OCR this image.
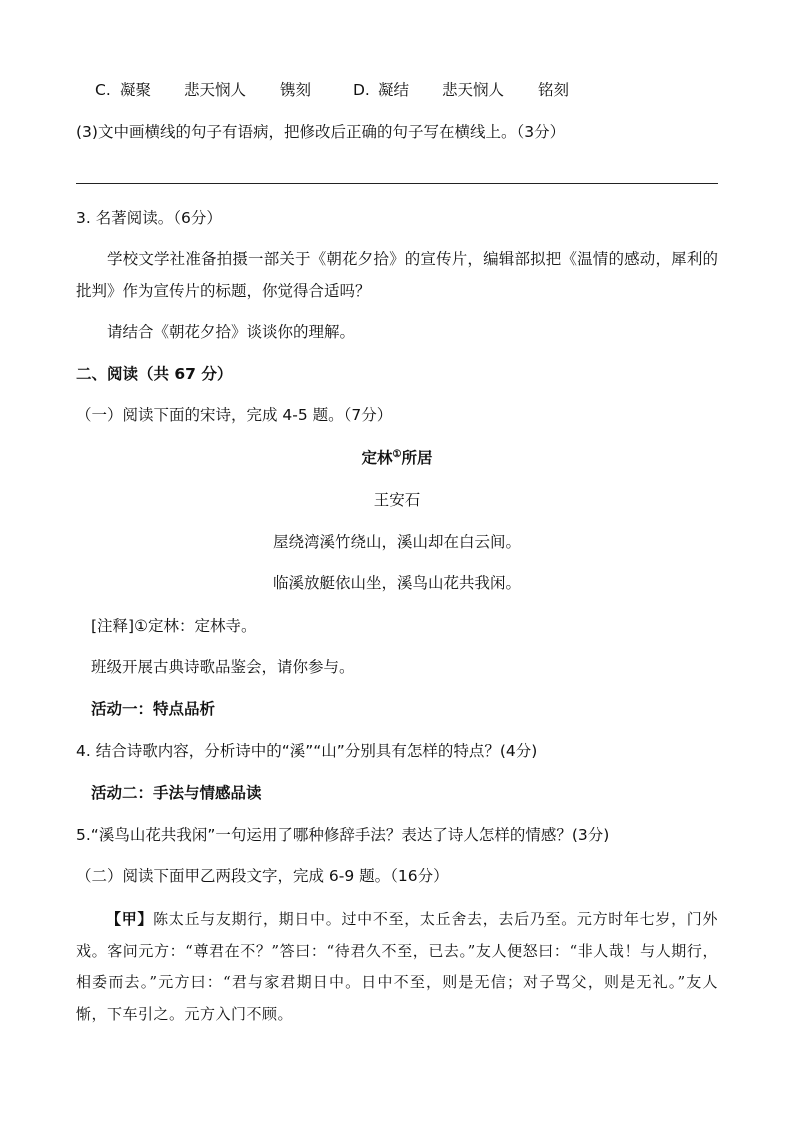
C. 凝聚 悲天悯人 镌刻	D. 凝结 悲天悯人 铭刻
(3)文中画横线的句子有语病，把修改后正确的句子写在横线上。（3分）
3. 名著阅读。（6分）
学校文学社准备拍摄一部关于《朝花夕拾》的宣传片，编辑部拟把《温情的感动，犀利的批判》作为宣传片的标题，你觉得合适吗？
请结合《朝花夕拾》谈谈你的理解。
二、阅读（共 67 分）
（一）阅读下面的宋诗，完成 4-5 题。（7分）
定林①所居
王安石
屋绕湾溪竹绕山，溪山却在白云间。
临溪放艇依山坐，溪鸟山花共我闲。
[注释]①定林：定林寺。
班级开展古典诗歌品鉴会，请你参与。
活动一：特点品析
4. 结合诗歌内容，分析诗中的“溪”“山”分别具有怎样的特点？(4分)
活动二：手法与情感品读
5.“溪鸟山花共我闲”一句运用了哪种修辞手法？表达了诗人怎样的情感？(3分)
（二）阅读下面甲乙两段文字，完成 6-9 题。（16分）
【甲】陈太丘与友期行，期日中。过中不至，太丘舍去，去后乃至。元方时年七岁，门外戏。客问元方：“尊君在不？”答曰：“待君久不至，已去。”友人便怒曰：“非人哉！与人期行，相委而去。”元方曰：“君与家君期日中。日中不至，则是无信；对子骂父，则是无礼。”友人惭，下车引之。元方入门不顾。
